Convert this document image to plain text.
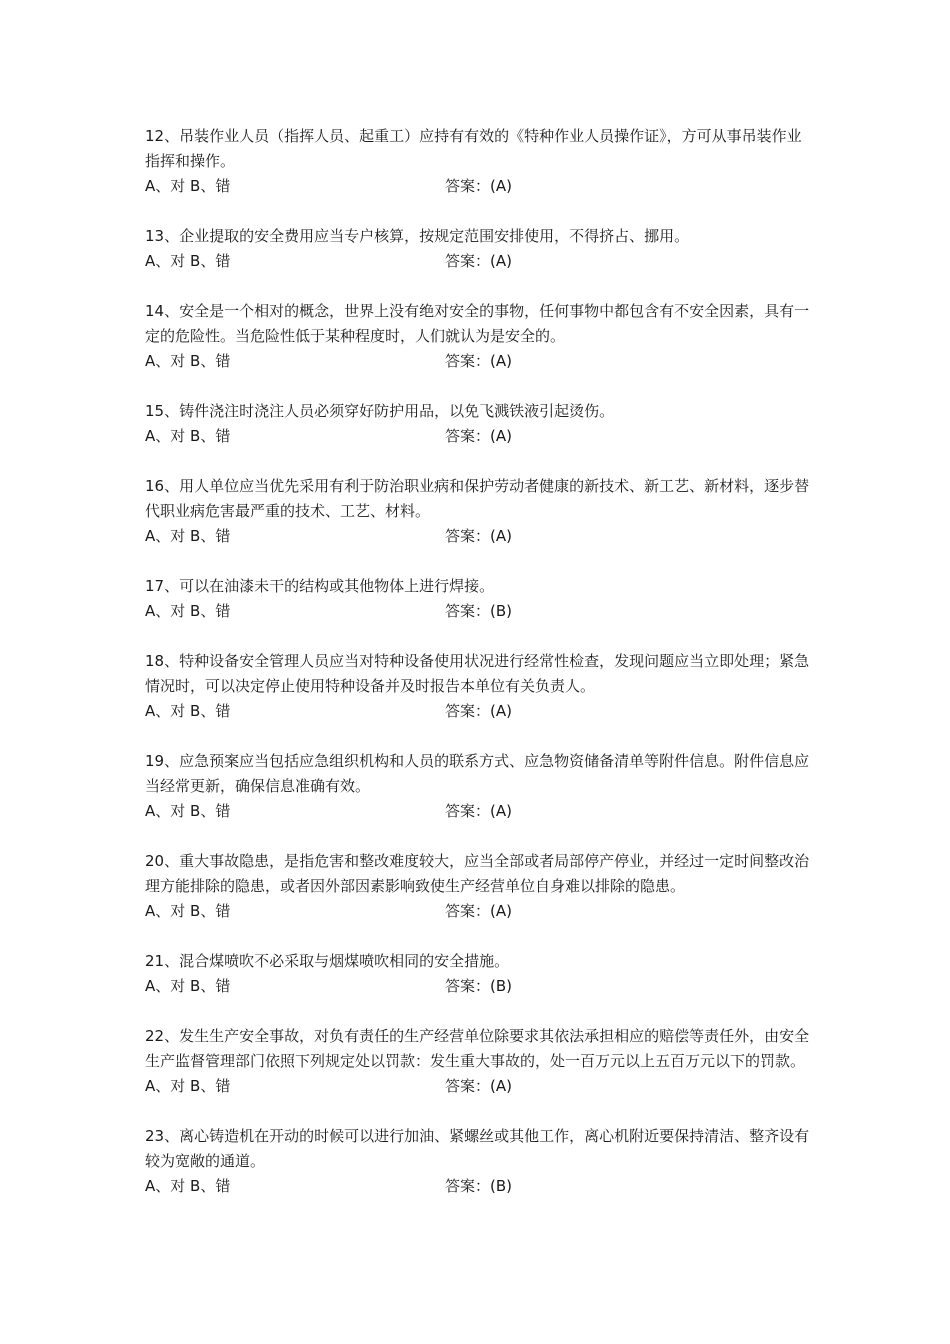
12、吊装作业人员（指挥人员、起重工）应持有有效的《特种作业人员操作证》，方可从事吊装作业指挥和操作。

A、对 B、错	答案：(A)

13、企业提取的安全费用应当专户核算，按规定范围安排使用，不得挤占、挪用。

A、对 B、错	答案：(A)

14、安全是一个相对的概念，世界上没有绝对安全的事物，任何事物中都包含有不安全因素，具有一定的危险性。当危险性低于某种程度时，人们就认为是安全的。

A、对 B、错	答案：(A)

15、铸件浇注时浇注人员必须穿好防护用品，以免飞溅铁液引起烫伤。

A、对 B、错	答案：(A)

16、用人单位应当优先采用有利于防治职业病和保护劳动者健康的新技术、新工艺、新材料，逐步替代职业病危害最严重的技术、工艺、材料。

A、对 B、错	答案：(A)

17、可以在油漆未干的结构或其他物体上进行焊接。

A、对 B、错	答案：(B)

18、特种设备安全管理人员应当对特种设备使用状况进行经常性检查，发现问题应当立即处理；紧急情况时，可以决定停止使用特种设备并及时报告本单位有关负责人。

A、对 B、错	答案：(A)

19、应急预案应当包括应急组织机构和人员的联系方式、应急物资储备清单等附件信息。附件信息应当经常更新，确保信息准确有效。

A、对 B、错	答案：(A)

20、重大事故隐患，是指危害和整改难度较大，应当全部或者局部停产停业，并经过一定时间整改治理方能排除的隐患，或者因外部因素影响致使生产经营单位自身难以排除的隐患。

A、对 B、错	答案：(A)

21、混合煤喷吹不必采取与烟煤喷吹相同的安全措施。

A、对 B、错	答案：(B)

22、发生生产安全事故，对负有责任的生产经营单位除要求其依法承担相应的赔偿等责任外，由安全生产监督管理部门依照下列规定处以罚款：发生重大事故的，处一百万元以上五百万元以下的罚款。

A、对 B、错	答案：(A)

23、离心铸造机在开动的时候可以进行加油、紧螺丝或其他工作，离心机附近要保持清洁、整齐设有较为宽敞的通道。

A、对 B、错	答案：(B)
